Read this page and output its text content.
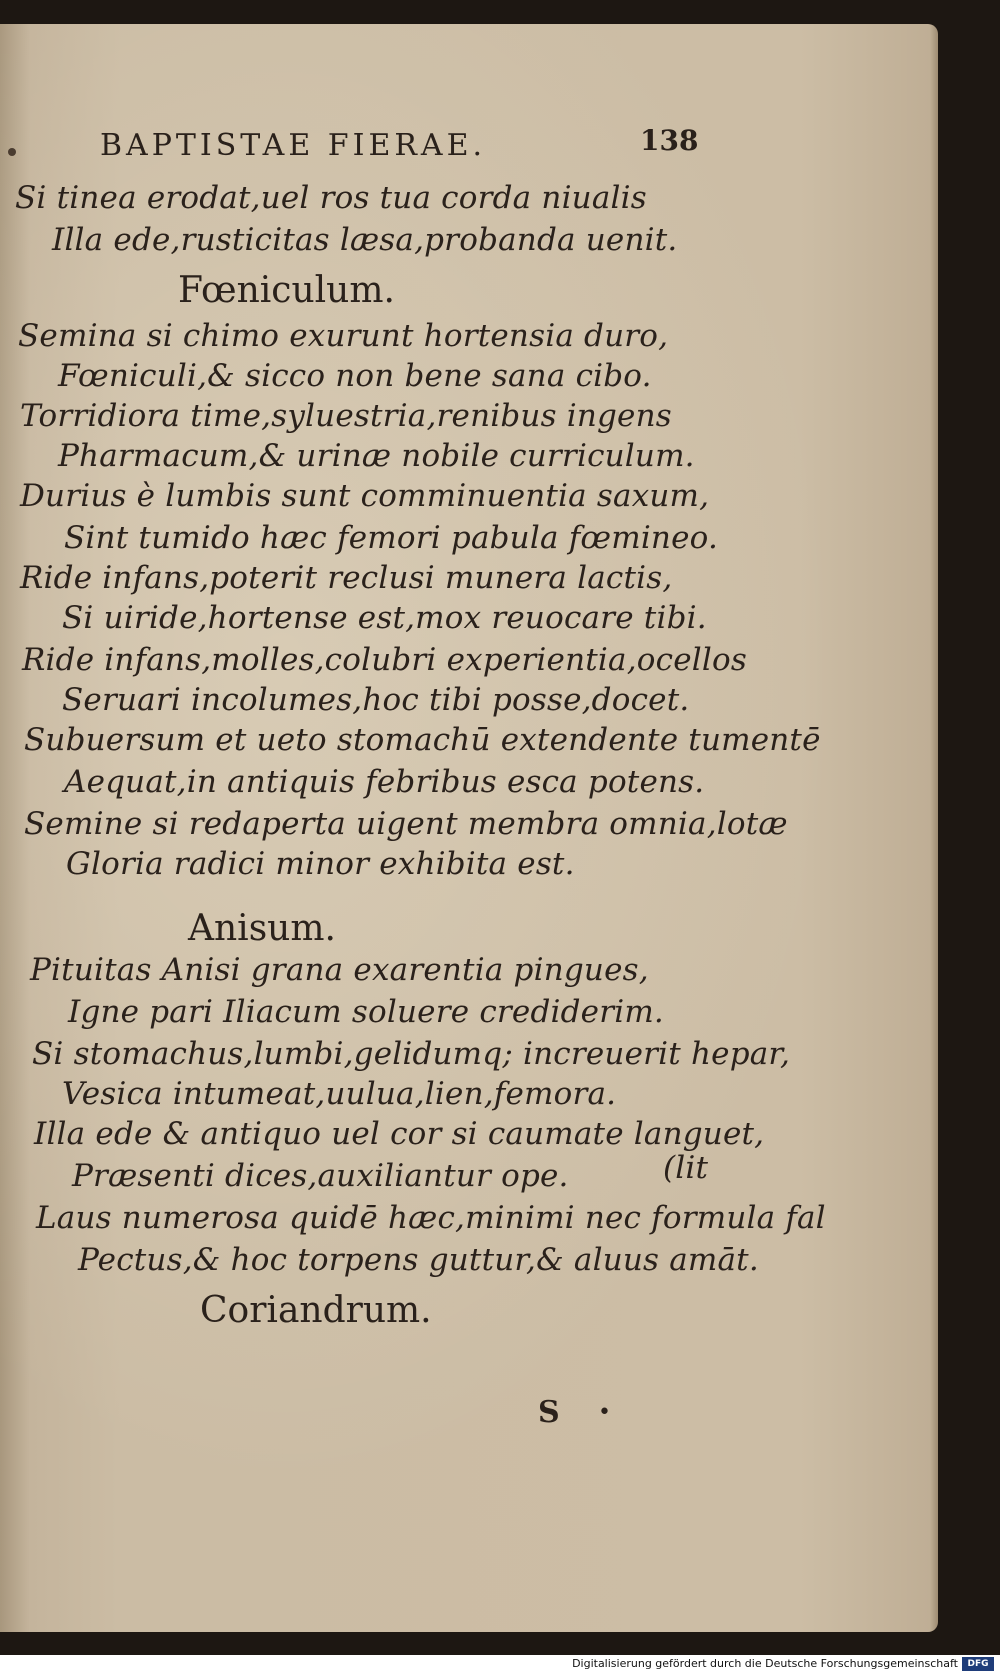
BAPTISTAE FIERAE.	138
Si tinea erodat,uel ros tua corda niualis
Illa ede,rusticitas læsa,probanda uenit.
Fœniculum.
Semina si chimo exurunt hortensia duro,
Fœniculi,& sicco non bene sana cibo.
Torridiora time,syluestria,renibus ingens
Pharmacum,& urinæ nobile curriculum.
Durius è lumbis sunt comminuentia saxum,
Sint tumido hæc femori pabula fœmineo.
Ride infans,poterit reclusi munera lactis,
Si uiride,hortense est,mox reuocare tibi.
Ride infans,molles,colubri experientia,ocellos
Seruari incolumes,hoc tibi posse,docet.
Subuersum et ueto stomachū extendente tumentē
Aequat,in antiquis febribus esca potens.
Semine si redaperta uigent membra omnia,lotæ
Gloria radici minor exhibita est.
Anisum.
Pituitas Anisi grana exarentia pingues,
Igne pari Iliacum soluere crediderim.
Si stomachus,lumbi,gelidumq; increuerit hepar,
Vesica intumeat,uulua,lien,femora.
Illa ede & antiquo uel cor si caumate languet,
Præsenti dices,auxiliantur ope.	(lit
Laus numerosa quidē hæc,minimi nec formula fal
Pectus,& hoc torpens guttur,& aluus amāt.
Coriandrum.
S •
Digitalisierung gefördert durch die Deutsche Forschungsgemeinschaft	DFG
